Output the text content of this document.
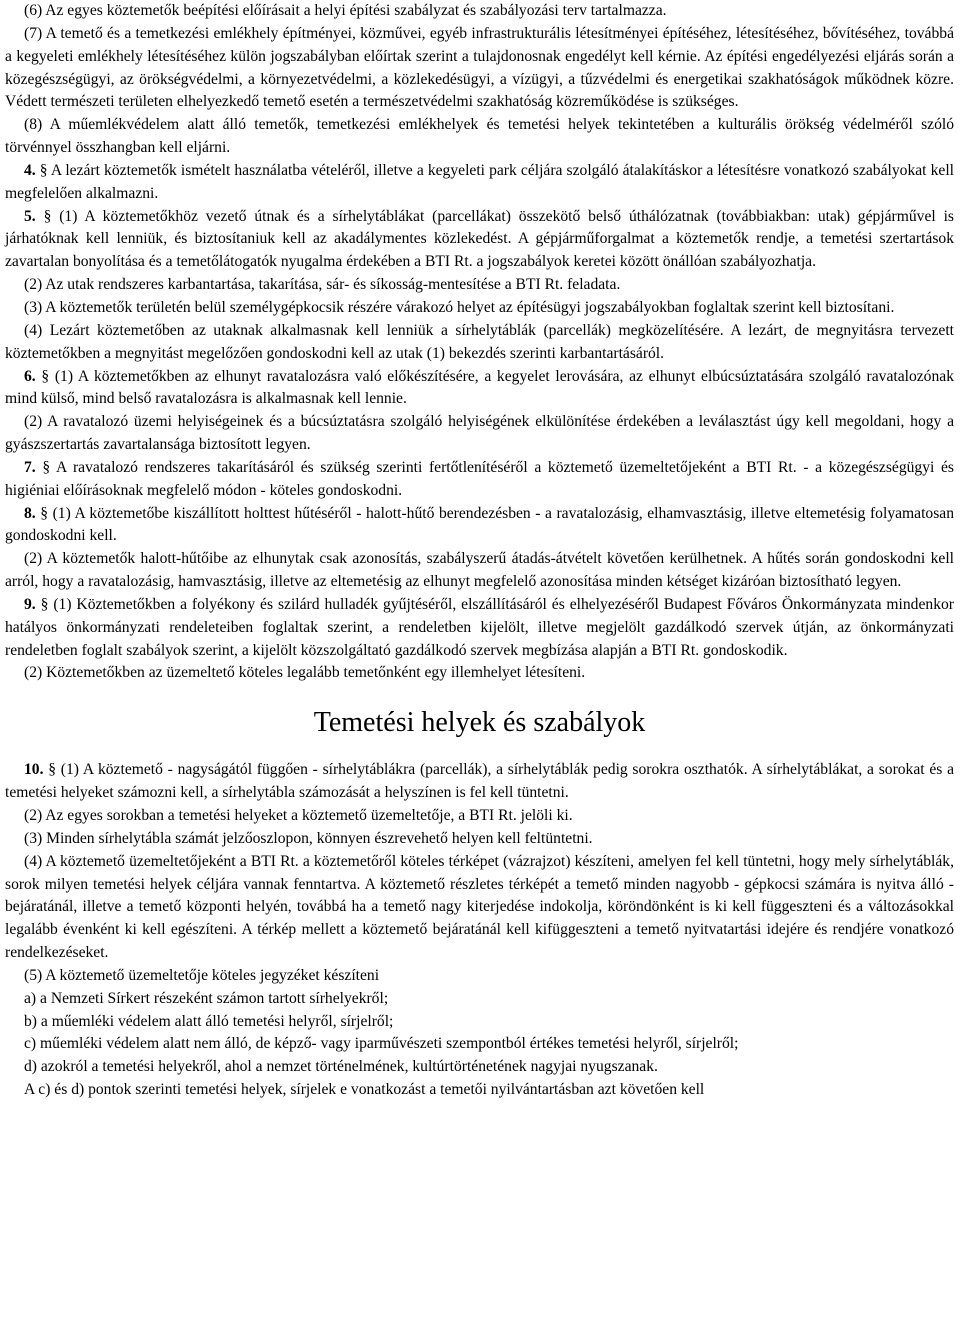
(6) Az egyes köztemetők beépítési előírásait a helyi építési szabályzat és szabályozási terv tartalmazza.

(7) A temető és a temetkezési emlékhely építményei, közművei, egyéb infrastrukturális létesítményei építéséhez, létesítéséhez, bővítéséhez, továbbá a kegyeleti emlékhely létesítéséhez külön jogszabályban előírtak szerint a tulajdonosnak engedélyt kell kérnie. Az építési engedélyezési eljárás során a közegészségügyi, az örökségvédelmi, a környezetvédelmi, a közlekedésügyi, a vízügyi, a tűzvédelmi és energetikai szakhatóságok működnek közre. Védett természeti területen elhelyezkedő temető esetén a természetvédelmi szakhatóság közreműködése is szükséges.

(8) A műemlékvédelem alatt álló temetők, temetkezési emlékhelyek és temetési helyek tekintetében a kulturális örökség védelméről szóló törvénnyel összhangban kell eljárni.

4. § A lezárt köztemetők ismételt használatba vételéről, illetve a kegyeleti park céljára szolgáló átalakításkor a létesítésre vonatkozó szabályokat kell megfelelően alkalmazni.

5. § (1) A köztemetőkhöz vezető útnak és a sírhelytáblákat (parcellákat) összekötő belső úthálózatnak (továbbiakban: utak) gépjárművel is járhatóknak kell lenniük, és biztosítaniuk kell az akadálymentes közlekedést. A gépjárműforgalmat a köztemetők rendje, a temetési szertartások zavartalan bonyolítása és a temetőlátogatók nyugalma érdekében a BTI Rt. a jogszabályok keretei között önállóan szabályozhatja.

(2) Az utak rendszeres karbantartása, takarítása, sár- és síkosság-mentesítése a BTI Rt. feladata.

(3) A köztemetők területén belül személygépkocsik részére várakozó helyet az építésügyi jogszabályokban foglaltak szerint kell biztosítani.

(4) Lezárt köztemetőben az utaknak alkalmasnak kell lenniük a sírhelytáblák (parcellák) megközelítésére. A lezárt, de megnyitásra tervezett köztemetőkben a megnyitást megelőzően gondoskodni kell az utak (1) bekezdés szerinti karbantartásáról.

6. § (1) A köztemetőkben az elhunyt ravatalozásra való előkészítésére, a kegyelet lerovására, az elhunyt elbúcsúztatására szolgáló ravatalozónak mind külső, mind belső ravatalozásra is alkalmasnak kell lennie.

(2) A ravatalozó üzemi helyiségeinek és a búcsúztatásra szolgáló helyiségének elkülönítése érdekében a leválasztást úgy kell megoldani, hogy a gyászszertartás zavartalansága biztosított legyen.

7. § A ravatalozó rendszeres takarításáról és szükség szerinti fertőtlenítéséről a köztemető üzemeltetőjeként a BTI Rt. - a közegészségügyi és higiéniai előírásoknak megfelelő módon - köteles gondoskodni.

8. § (1) A köztemetőbe kiszállított holttest hűtéséről - halott-hűtő berendezésben - a ravatalozásig, elhamvasztásig, illetve eltemetésig folyamatosan gondoskodni kell.

(2) A köztemetők halott-hűtőibe az elhunytak csak azonosítás, szabályszerű átadás-átvételt követően kerülhetnek. A hűtés során gondoskodni kell arról, hogy a ravatalozásig, hamvasztásig, illetve az eltemetésig az elhunyt megfelelő azonosítása minden kétséget kizáróan biztosítható legyen.

9. § (1) Köztemetőkben a folyékony és szilárd hulladék gyűjtéséről, elszállításáról és elhelyezéséről Budapest Főváros Önkormányzata mindenkor hatályos önkormányzati rendeleteiben foglaltak szerint, a rendeletben kijelölt, illetve megjelölt gazdálkodó szervek útján, az önkormányzati rendeletben foglalt szabályok szerint, a kijelölt közszolgáltató gazdálkodó szervek megbízása alapján a BTI Rt. gondoskodik.

(2) Köztemetőkben az üzemeltető köteles legalább temetőnként egy illemhelyet létesíteni.

Temetési helyek és szabályok

10. § (1) A köztemető - nagyságától függően - sírhelytáblákra (parcellák), a sírhelytáblák pedig sorokra oszthatók. A sírhelytáblákat, a sorokat és a temetési helyeket számozni kell, a sírhelytábla számozását a helyszínen is fel kell tüntetni.

(2) Az egyes sorokban a temetési helyeket a köztemető üzemeltetője, a BTI Rt. jelöli ki.

(3) Minden sírhelytábla számát jelzőoszlopon, könnyen észrevehető helyen kell feltüntetni.

(4) A köztemető üzemeltetőjeként a BTI Rt. a köztemetőről köteles térképet (vázrajzot) készíteni, amelyen fel kell tüntetni, hogy mely sírhelytáblák, sorok milyen temetési helyek céljára vannak fenntartva. A köztemető részletes térképét a temető minden nagyobb - gépkocsi számára is nyitva álló - bejáratánál, illetve a temető központi helyén, továbbá ha a temető nagy kiterjedése indokolja, köröndönként is ki kell függeszteni és a változásokkal legalább évenként ki kell egészíteni. A térkép mellett a köztemető bejáratánál kell kifüggeszteni a temető nyitvatartási idejére és rendjére vonatkozó rendelkezéseket.

(5) A köztemető üzemeltetője köteles jegyzéket készíteni

a) a Nemzeti Sírkert részeként számon tartott sírhelyekről;

b) a műemléki védelem alatt álló temetési helyről, sírjelről;

c) műemléki védelem alatt nem álló, de képző- vagy iparművészeti szempontból értékes temetési helyről, sírjelről;

d) azokról a temetési helyekről, ahol a nemzet történelmének, kultúrtörténetének nagyjai nyugszanak.

A c) és d) pontok szerinti temetési helyek, sírjelek e vonatkozást a temetői nyilvántartásban azt követően kell
